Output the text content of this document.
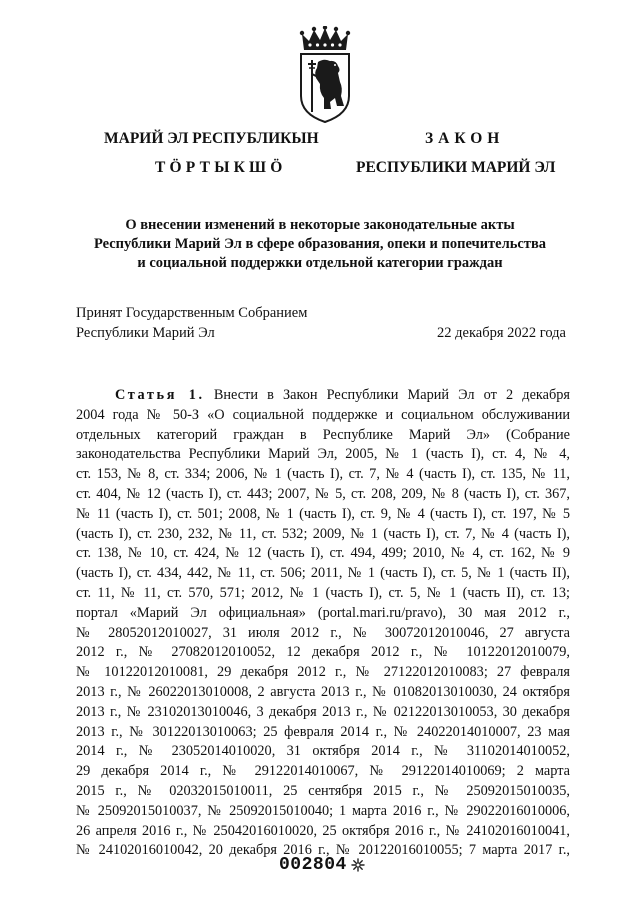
МАРИЙ ЭЛ РЕСПУБЛИКЫН
ТӦРТЫКШӦ
ЗАКОН
РЕСПУБЛИКИ МАРИЙ ЭЛ
О внесении изменений в некоторые законодательные акты
Республики Марий Эл в сфере образования, опеки и попечительства
и социальной поддержки отдельной категории граждан
Принят Государственным Собранием
Республики Марий Эл	22 декабря 2022 года
Статья 1. Внести в Закон Республики Марий Эл от 2 декабря
2004 года № 50-З «О социальной поддержке и социальном обслуживании
отдельных категорий граждан в Республике Марий Эл» (Собрание
законодательства Республики Марий Эл, 2005, № 1 (часть I), ст. 4, № 4,
ст. 153, № 8, ст. 334; 2006, № 1 (часть I), ст. 7, № 4 (часть I), ст. 135, № 11,
ст. 404, № 12 (часть I), ст. 443; 2007, № 5, ст. 208, 209, № 8 (часть I), ст. 367,
№ 11 (часть I), ст. 501; 2008, № 1 (часть I), ст. 9, № 4 (часть I), ст. 197, № 5
(часть I), ст. 230, 232, № 11, ст. 532; 2009, № 1 (часть I), ст. 7, № 4 (часть I),
ст. 138, № 10, ст. 424, № 12 (часть I), ст. 494, 499; 2010, № 4, ст. 162, № 9
(часть I), ст. 434, 442, № 11, ст. 506; 2011, № 1 (часть I), ст. 5, № 1 (часть II),
ст. 11, № 11, ст. 570, 571; 2012, № 1 (часть I), ст. 5, № 1 (часть II), ст. 13;
портал «Марий Эл официальная» (portal.mari.ru/pravo), 30 мая 2012 г.,
№ 28052012010027, 31 июля 2012 г., № 30072012010046, 27 августа
2012 г., № 27082012010052, 12 декабря 2012 г., № 10122012010079,
№ 10122012010081, 29 декабря 2012 г., № 27122012010083; 27 февраля
2013 г., № 26022013010008, 2 августа 2013 г., № 01082013010030, 24 октября
2013 г., № 23102013010046, 3 декабря 2013 г., № 02122013010053, 30 декабря
2013 г., № 30122013010063; 25 февраля 2014 г., № 24022014010007, 23 мая
2014 г., № 23052014010020, 31 октября 2014 г., № 31102014010052,
29 декабря 2014 г., № 29122014010067, № 29122014010069; 2 марта
2015 г., № 02032015010011, 25 сентября 2015 г., № 25092015010035,
№ 25092015010037, № 25092015010040; 1 марта 2016 г., № 29022016010006,
26 апреля 2016 г., № 25042016010020, 25 октября 2016 г., № 24102016010041,
№ 24102016010042, 20 декабря 2016 г., № 20122016010055; 7 марта 2017 г.,
002804
